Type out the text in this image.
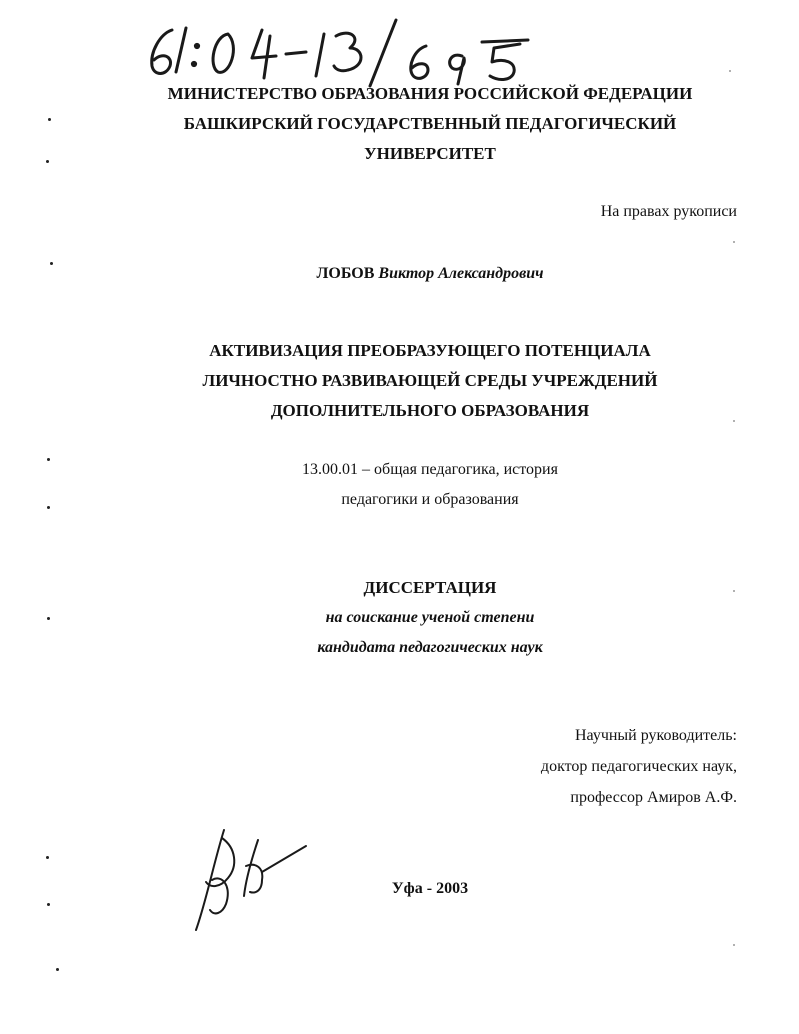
МИНИСТЕРСТВО ОБРАЗОВАНИЯ РОССИЙСКОЙ ФЕДЕРАЦИИ
БАШКИРСКИЙ ГОСУДАРСТВЕННЫЙ ПЕДАГОГИЧЕСКИЙ
УНИВЕРСИТЕТ
На правах рукописи
ЛОБОВ Виктор Александрович
АКТИВИЗАЦИЯ ПРЕОБРАЗУЮЩЕГО ПОТЕНЦИАЛА
ЛИЧНОСТНО РАЗВИВАЮЩЕЙ СРЕДЫ УЧРЕЖДЕНИЙ
ДОПОЛНИТЕЛЬНОГО ОБРАЗОВАНИЯ
13.00.01 – общая педагогика, история
педагогики и образования
ДИССЕРТАЦИЯ
на соискание ученой степени
кандидата педагогических наук
Научный руководитель:
доктор педагогических наук,
профессор Амиров А.Ф.
Уфа - 2003
